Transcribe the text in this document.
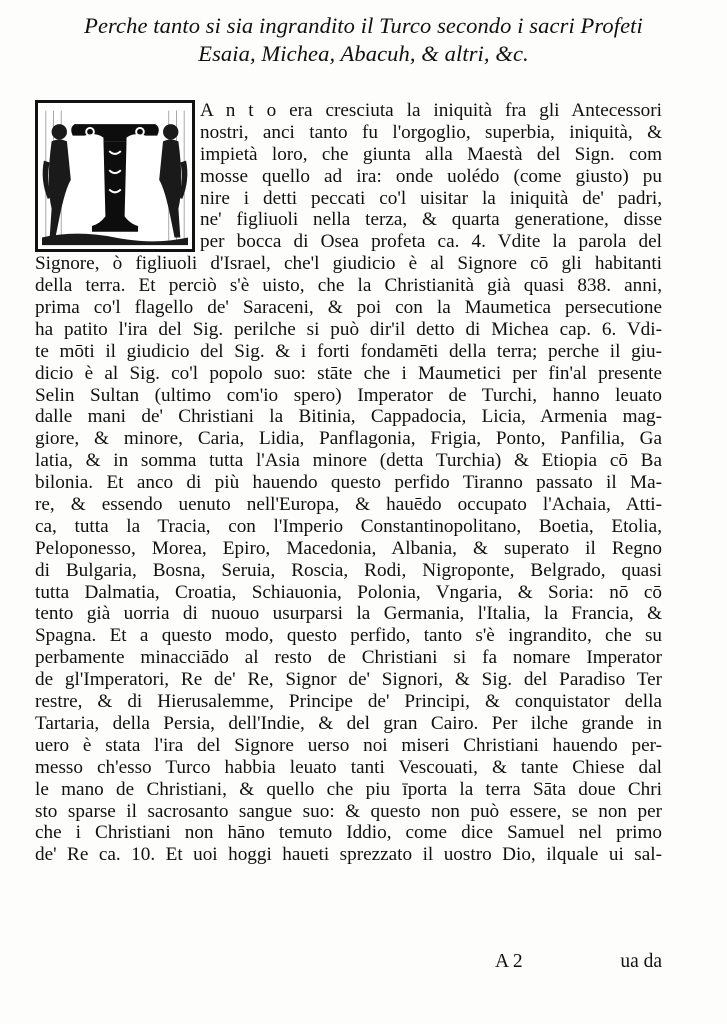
Perche tanto si sia ingrandito il Turco secondo i sacri Profeti
Esaia, Michea, Abacuh, & altri, &c.
A n t o era cresciuta la iniquità fra gli Antecessori
nostri, anci tanto fu l'orgoglio, superbia, iniquità, &
impietà loro, che giunta alla Maestà del Sign. com
mosse quello ad ira: onde uolédo (come giusto) pu
nire i detti peccati co'l uisitar la iniquità de' padri,
ne' figliuoli nella terza, & quarta generatione, disse
per bocca di Osea profeta ca. 4. Vdite la parola del
Signore, ò figliuoli d'Israel, che'l giudicio è al Signore cō gli habitanti
della terra. Et perciò s'è uisto, che la Christianità già quasi 838. anni,
prima co'l flagello de' Saraceni, & poi con la Maumetica persecutione
ha patito l'ira del Sig. perilche si può dir'il detto di Michea cap. 6. Vdi-
te mōti il giudicio del Sig. & i forti fondamēti della terra; perche il giu-
dicio è al Sig. co'l popolo suo: stāte che i Maumetici per fin'al presente
Selin Sultan (ultimo com'io spero) Imperator de Turchi, hanno leuato
dalle mani de' Christiani la Bitinia, Cappadocia, Licia, Armenia mag-
giore, & minore, Caria, Lidia, Panflagonia, Frigia, Ponto, Panfilia, Ga
latia, & in somma tutta l'Asia minore (detta Turchia) & Etiopia cō Ba
bilonia. Et anco di più hauendo questo perfido Tiranno passato il Ma-
re, & essendo uenuto nell'Europa, & hauēdo occupato l'Achaia, Atti-
ca, tutta la Tracia, con l'Imperio Constantinopolitano, Boetia, Etolia,
Peloponesso, Morea, Epiro, Macedonia, Albania, & superato il Regno
di Bulgaria, Bosna, Seruia, Roscia, Rodi, Nigroponte, Belgrado, quasi
tutta Dalmatia, Croatia, Schiauonia, Polonia, Vngaria, & Soria: nō cō
tento già uorria di nuouo usurparsi la Germania, l'Italia, la Francia, &
Spagna. Et a questo modo, questo perfido, tanto s'è ingrandito, che su
perbamente minacciādo al resto de Christiani si fa nomare Imperator
de gl'Imperatori, Re de' Re, Signor de' Signori, & Sig. del Paradiso Ter
restre, & di Hierusalemme, Principe de' Principi, & conquistator della
Tartaria, della Persia, dell'Indie, & del gran Cairo. Per ilche grande in
uero è stata l'ira del Signore uerso noi miseri Christiani hauendo per-
messo ch'esso Turco habbia leuato tanti Vescouati, & tante Chiese dal
le mano de Christiani, & quello che piu īporta la terra Sāta doue Chri
sto sparse il sacrosanto sangue suo: & questo non può essere, se non per
che i Christiani non hāno temuto Iddio, come dice Samuel nel primo
de' Re ca. 10. Et uoi hoggi haueti sprezzato il uostro Dio, ilquale ui sal-
A 2	ua da
